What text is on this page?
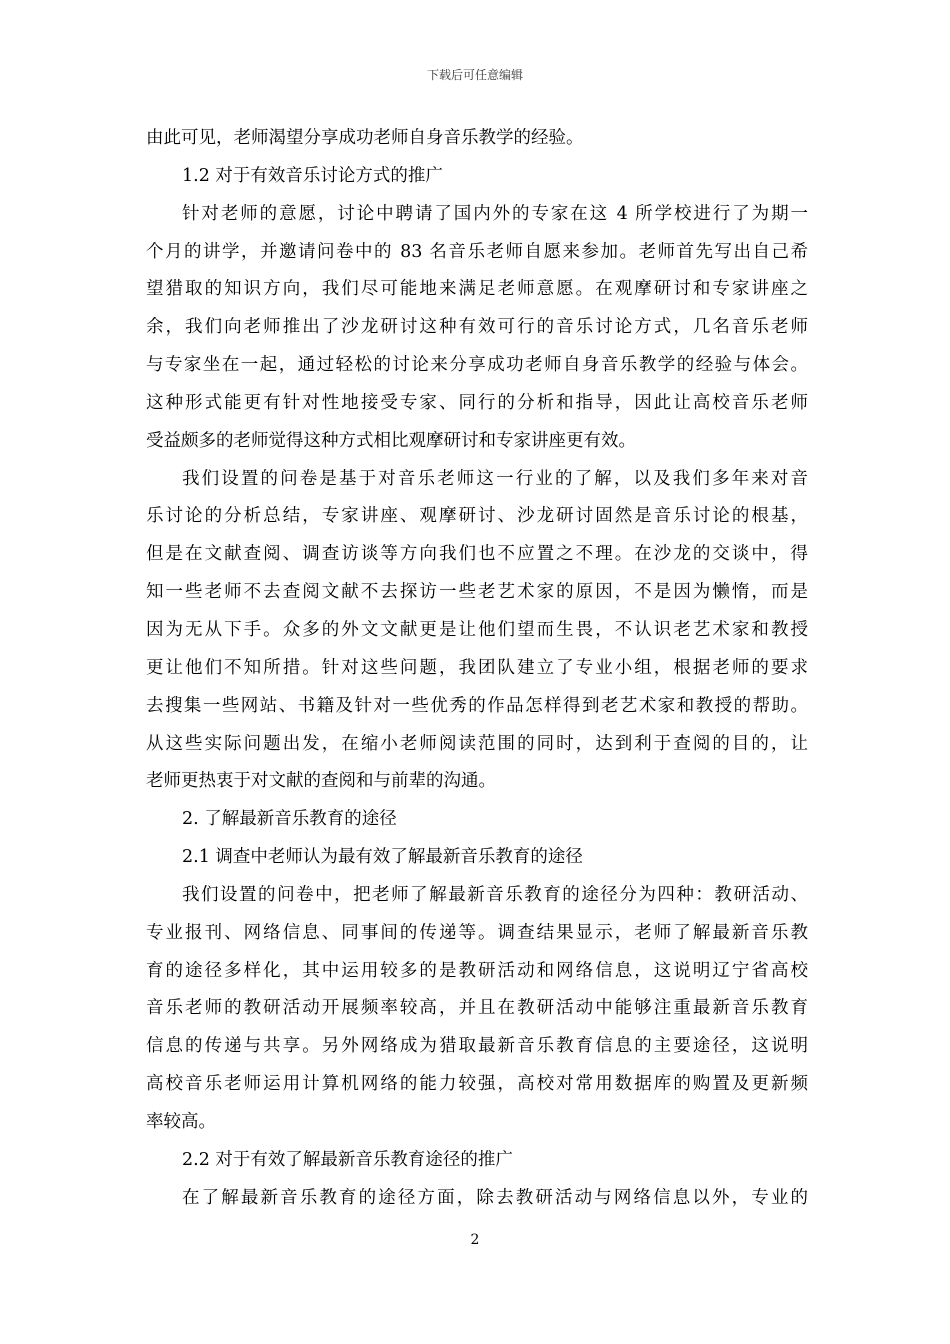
下载后可任意编辑
由此可见，老师渴望分享成功老师自身音乐教学的经验。
1.2 对于有效音乐讨论方式的推广
针对老师的意愿，讨论中聘请了国内外的专家在这 4 所学校进行了为期一
个月的讲学，并邀请问卷中的 83 名音乐老师自愿来参加。老师首先写出自己希
望猎取的知识方向，我们尽可能地来满足老师意愿。在观摩研讨和专家讲座之
余，我们向老师推出了沙龙研讨这种有效可行的音乐讨论方式，几名音乐老师
与专家坐在一起，通过轻松的讨论来分享成功老师自身音乐教学的经验与体会。
这种形式能更有针对性地接受专家、同行的分析和指导，因此让高校音乐老师
受益颇多的老师觉得这种方式相比观摩研讨和专家讲座更有效。
我们设置的问卷是基于对音乐老师这一行业的了解，以及我们多年来对音
乐讨论的分析总结，专家讲座、观摩研讨、沙龙研讨固然是音乐讨论的根基，
但是在文献查阅、调查访谈等方向我们也不应置之不理。在沙龙的交谈中，得
知一些老师不去查阅文献不去探访一些老艺术家的原因，不是因为懒惰，而是
因为无从下手。众多的外文文献更是让他们望而生畏，不认识老艺术家和教授
更让他们不知所措。针对这些问题，我团队建立了专业小组，根据老师的要求
去搜集一些网站、书籍及针对一些优秀的作品怎样得到老艺术家和教授的帮助。
从这些实际问题出发，在缩小老师阅读范围的同时，达到利于查阅的目的，让
老师更热衷于对文献的查阅和与前辈的沟通。
2. 了解最新音乐教育的途径
2.1 调查中老师认为最有效了解最新音乐教育的途径
我们设置的问卷中，把老师了解最新音乐教育的途径分为四种：教研活动、
专业报刊、网络信息、同事间的传递等。调查结果显示，老师了解最新音乐教
育的途径多样化，其中运用较多的是教研活动和网络信息，这说明辽宁省高校
音乐老师的教研活动开展频率较高，并且在教研活动中能够注重最新音乐教育
信息的传递与共享。另外网络成为猎取最新音乐教育信息的主要途径，这说明
高校音乐老师运用计算机网络的能力较强，高校对常用数据库的购置及更新频
率较高。
2.2 对于有效了解最新音乐教育途径的推广
在了解最新音乐教育的途径方面，除去教研活动与网络信息以外，专业的
2
